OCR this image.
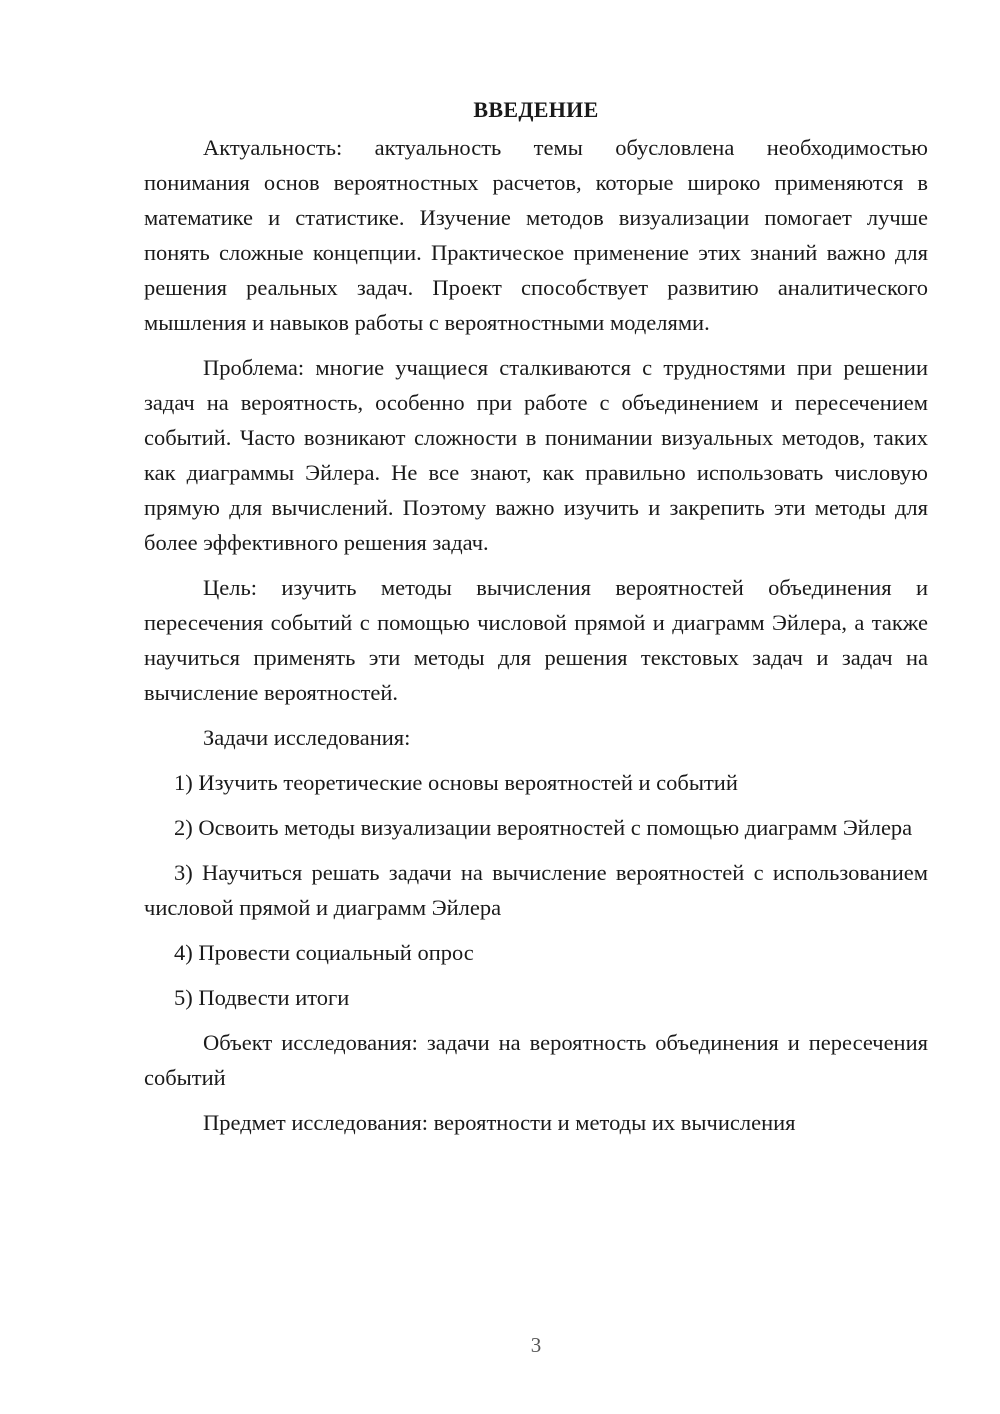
ВВЕДЕНИЕ

Актуальность: актуальность темы обусловлена необходимостью понимания основ вероятностных расчетов, которые широко применяются в математике и статистике. Изучение методов визуализации помогает лучше понять сложные концепции. Практическое применение этих знаний важно для решения реальных задач. Проект способствует развитию аналитического мышления и навыков работы с вероятностными моделями.

Проблема: многие учащиеся сталкиваются с трудностями при решении задач на вероятность, особенно при работе с объединением и пересечением событий. Часто возникают сложности в понимании визуальных методов, таких как диаграммы Эйлера. Не все знают, как правильно использовать числовую прямую для вычислений. Поэтому важно изучить и закрепить эти методы для более эффективного решения задач.

Цель: изучить методы вычисления вероятностей объединения и пересечения событий с помощью числовой прямой и диаграмм Эйлера, а также научиться применять эти методы для решения текстовых задач и задач на вычисление вероятностей.

Задачи исследования:

1) Изучить теоретические основы вероятностей и событий

2) Освоить методы визуализации вероятностей с помощью диаграмм Эйлера

3) Научиться решать задачи на вычисление вероятностей с использованием числовой прямой и диаграмм Эйлера

4) Провести социальный опрос

5) Подвести итоги

Объект исследования: задачи на вероятность объединения и пересечения событий

Предмет исследования: вероятности и методы их вычисления

3
